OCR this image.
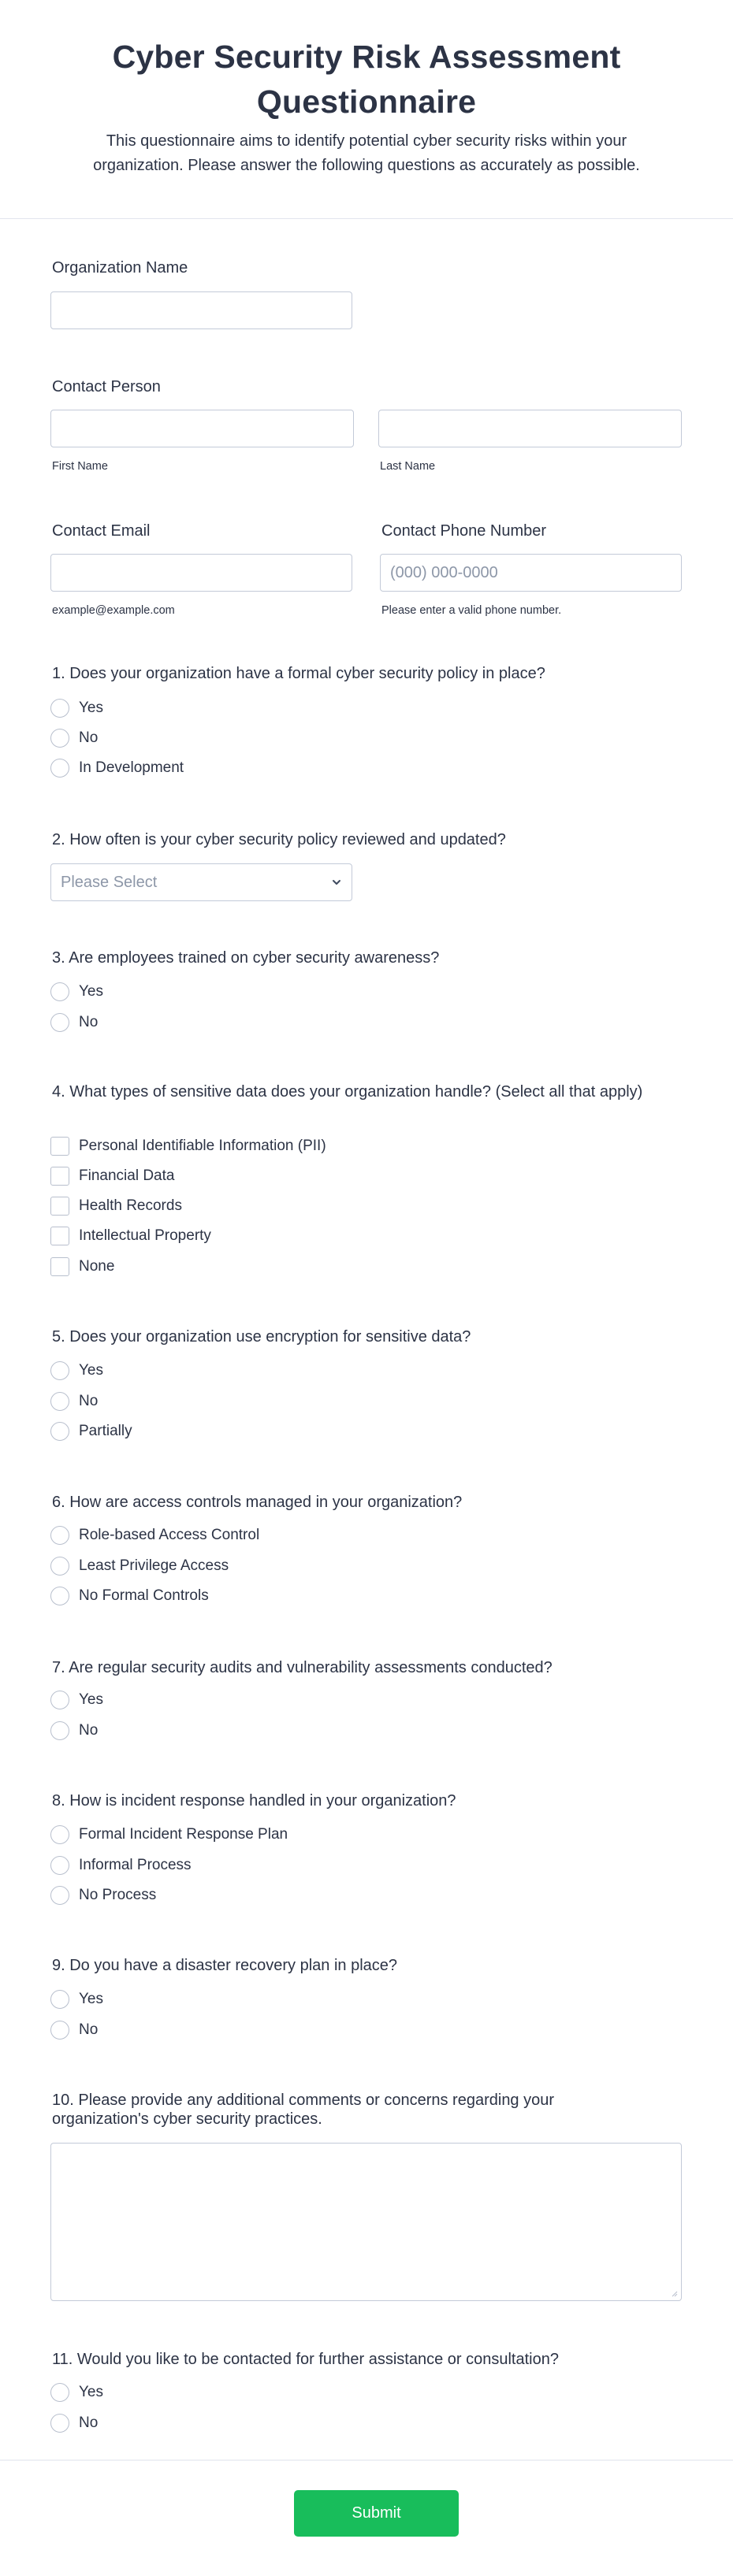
Cyber Security Risk Assessment Questionnaire

This questionnaire aims to identify potential cyber security risks within your organization. Please answer the following questions as accurately as possible.

Organization Name
Contact Person
First Name	Last Name
Contact Email	Contact Phone Number
(000) 000-0000
example@example.com	Please enter a valid phone number.
1. Does your organization have a formal cyber security policy in place?
Yes
No
In Development
2. How often is your cyber security policy reviewed and updated?
Please Select
3. Are employees trained on cyber security awareness?
Yes
No
4. What types of sensitive data does your organization handle? (Select all that apply)
Personal Identifiable Information (PII)
Financial Data
Health Records
Intellectual Property
None
5. Does your organization use encryption for sensitive data?
Yes
No
Partially
6. How are access controls managed in your organization?
Role-based Access Control
Least Privilege Access
No Formal Controls
7. Are regular security audits and vulnerability assessments conducted?
Yes
No
8. How is incident response handled in your organization?
Formal Incident Response Plan
Informal Process
No Process
9. Do you have a disaster recovery plan in place?
Yes
No
10. Please provide any additional comments or concerns regarding your organization's cyber security practices.
11. Would you like to be contacted for further assistance or consultation?
Yes
No
Submit
